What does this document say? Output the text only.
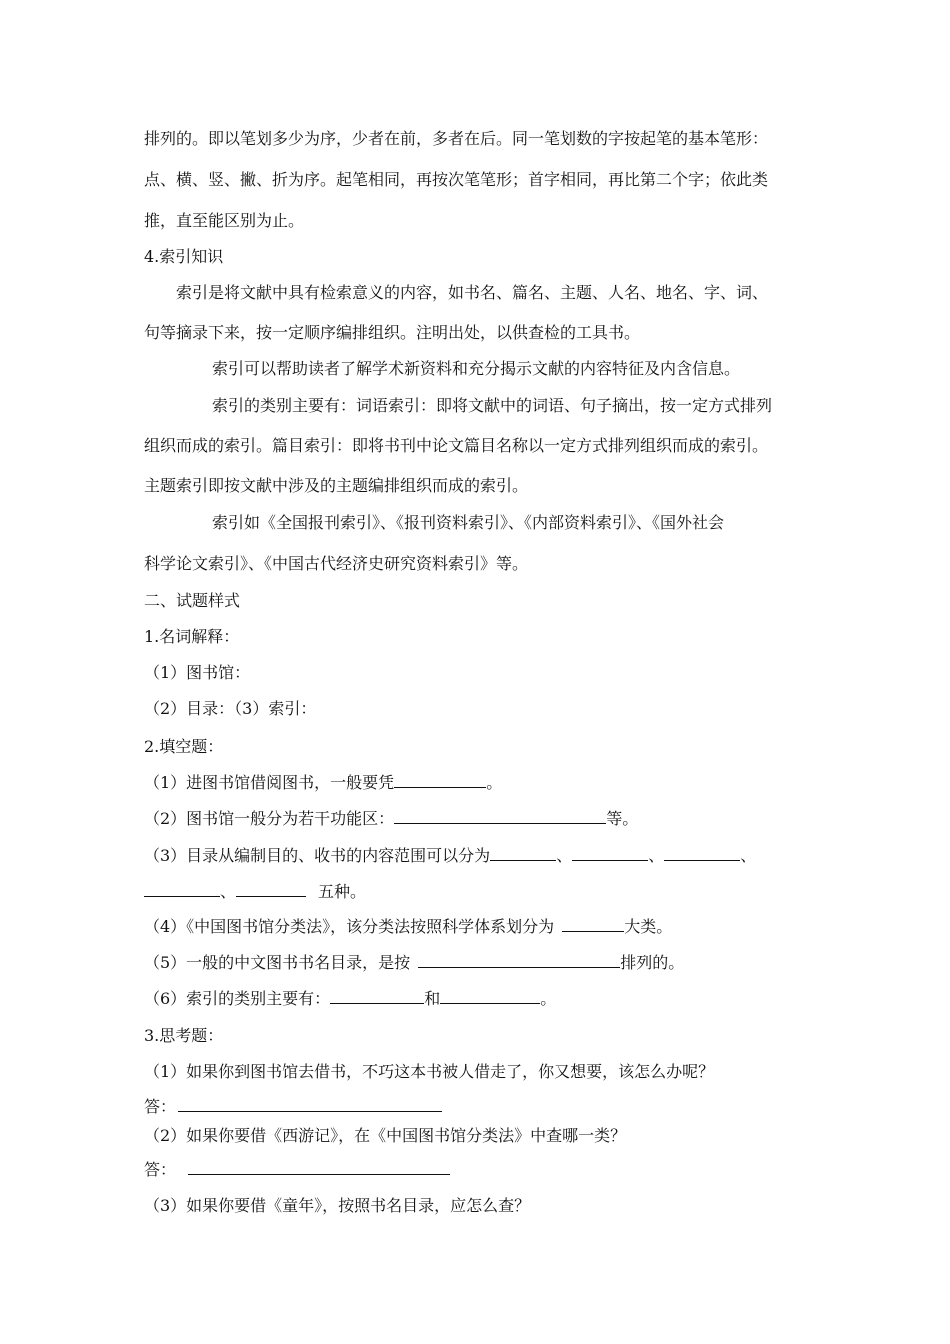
排列的。即以笔划多少为序，少者在前，多者在后。同一笔划数的字按起笔的基本笔形：
点、横、竖、撇、折为序。起笔相同，再按次笔笔形；首字相同，再比第二个字；依此类
推，直至能区别为止。
4.索引知识
索引是将文献中具有检索意义的内容，如书名、篇名、主题、人名、地名、字、词、
句等摘录下来，按一定顺序编排组织。注明出处，以供查检的工具书。
索引可以帮助读者了解学术新资料和充分揭示文献的内容特征及内含信息。
索引的类别主要有：词语索引：即将文献中的词语、句子摘出，按一定方式排列
组织而成的索引。篇目索引：即将书刊中论文篇目名称以一定方式排列组织而成的索引。
主题索引即按文献中涉及的主题编排组织而成的索引。
索引如《全国报刊索引》、《报刊资料索引》、《内部资料索引》、《国外社会
科学论文索引》、《中国古代经济史研究资料索引》等。
二、试题样式
1.名词解释：
（1）图书馆：
（2）目录：（3）索引：
2.填空题：
（1）进图书馆借阅图书，一般要凭	。
（2）图书馆一般分为若干功能区：	等。
（3）目录从编制目的、收书的内容范围可以分为	、	、	、
、	五种。
（4）《中国图书馆分类法》，该分类法按照科学体系划分为	大类。
（5）一般的中文图书书名目录，是按	排列的。
（6）索引的类别主要有：	和	。
3.思考题：
（1）如果你到图书馆去借书，不巧这本书被人借走了，你又想要，该怎么办呢？
答：
（2）如果你要借《西游记》，在《中国图书馆分类法》中查哪一类？
答：
（3）如果你要借《童年》，按照书名目录，应怎么查？
